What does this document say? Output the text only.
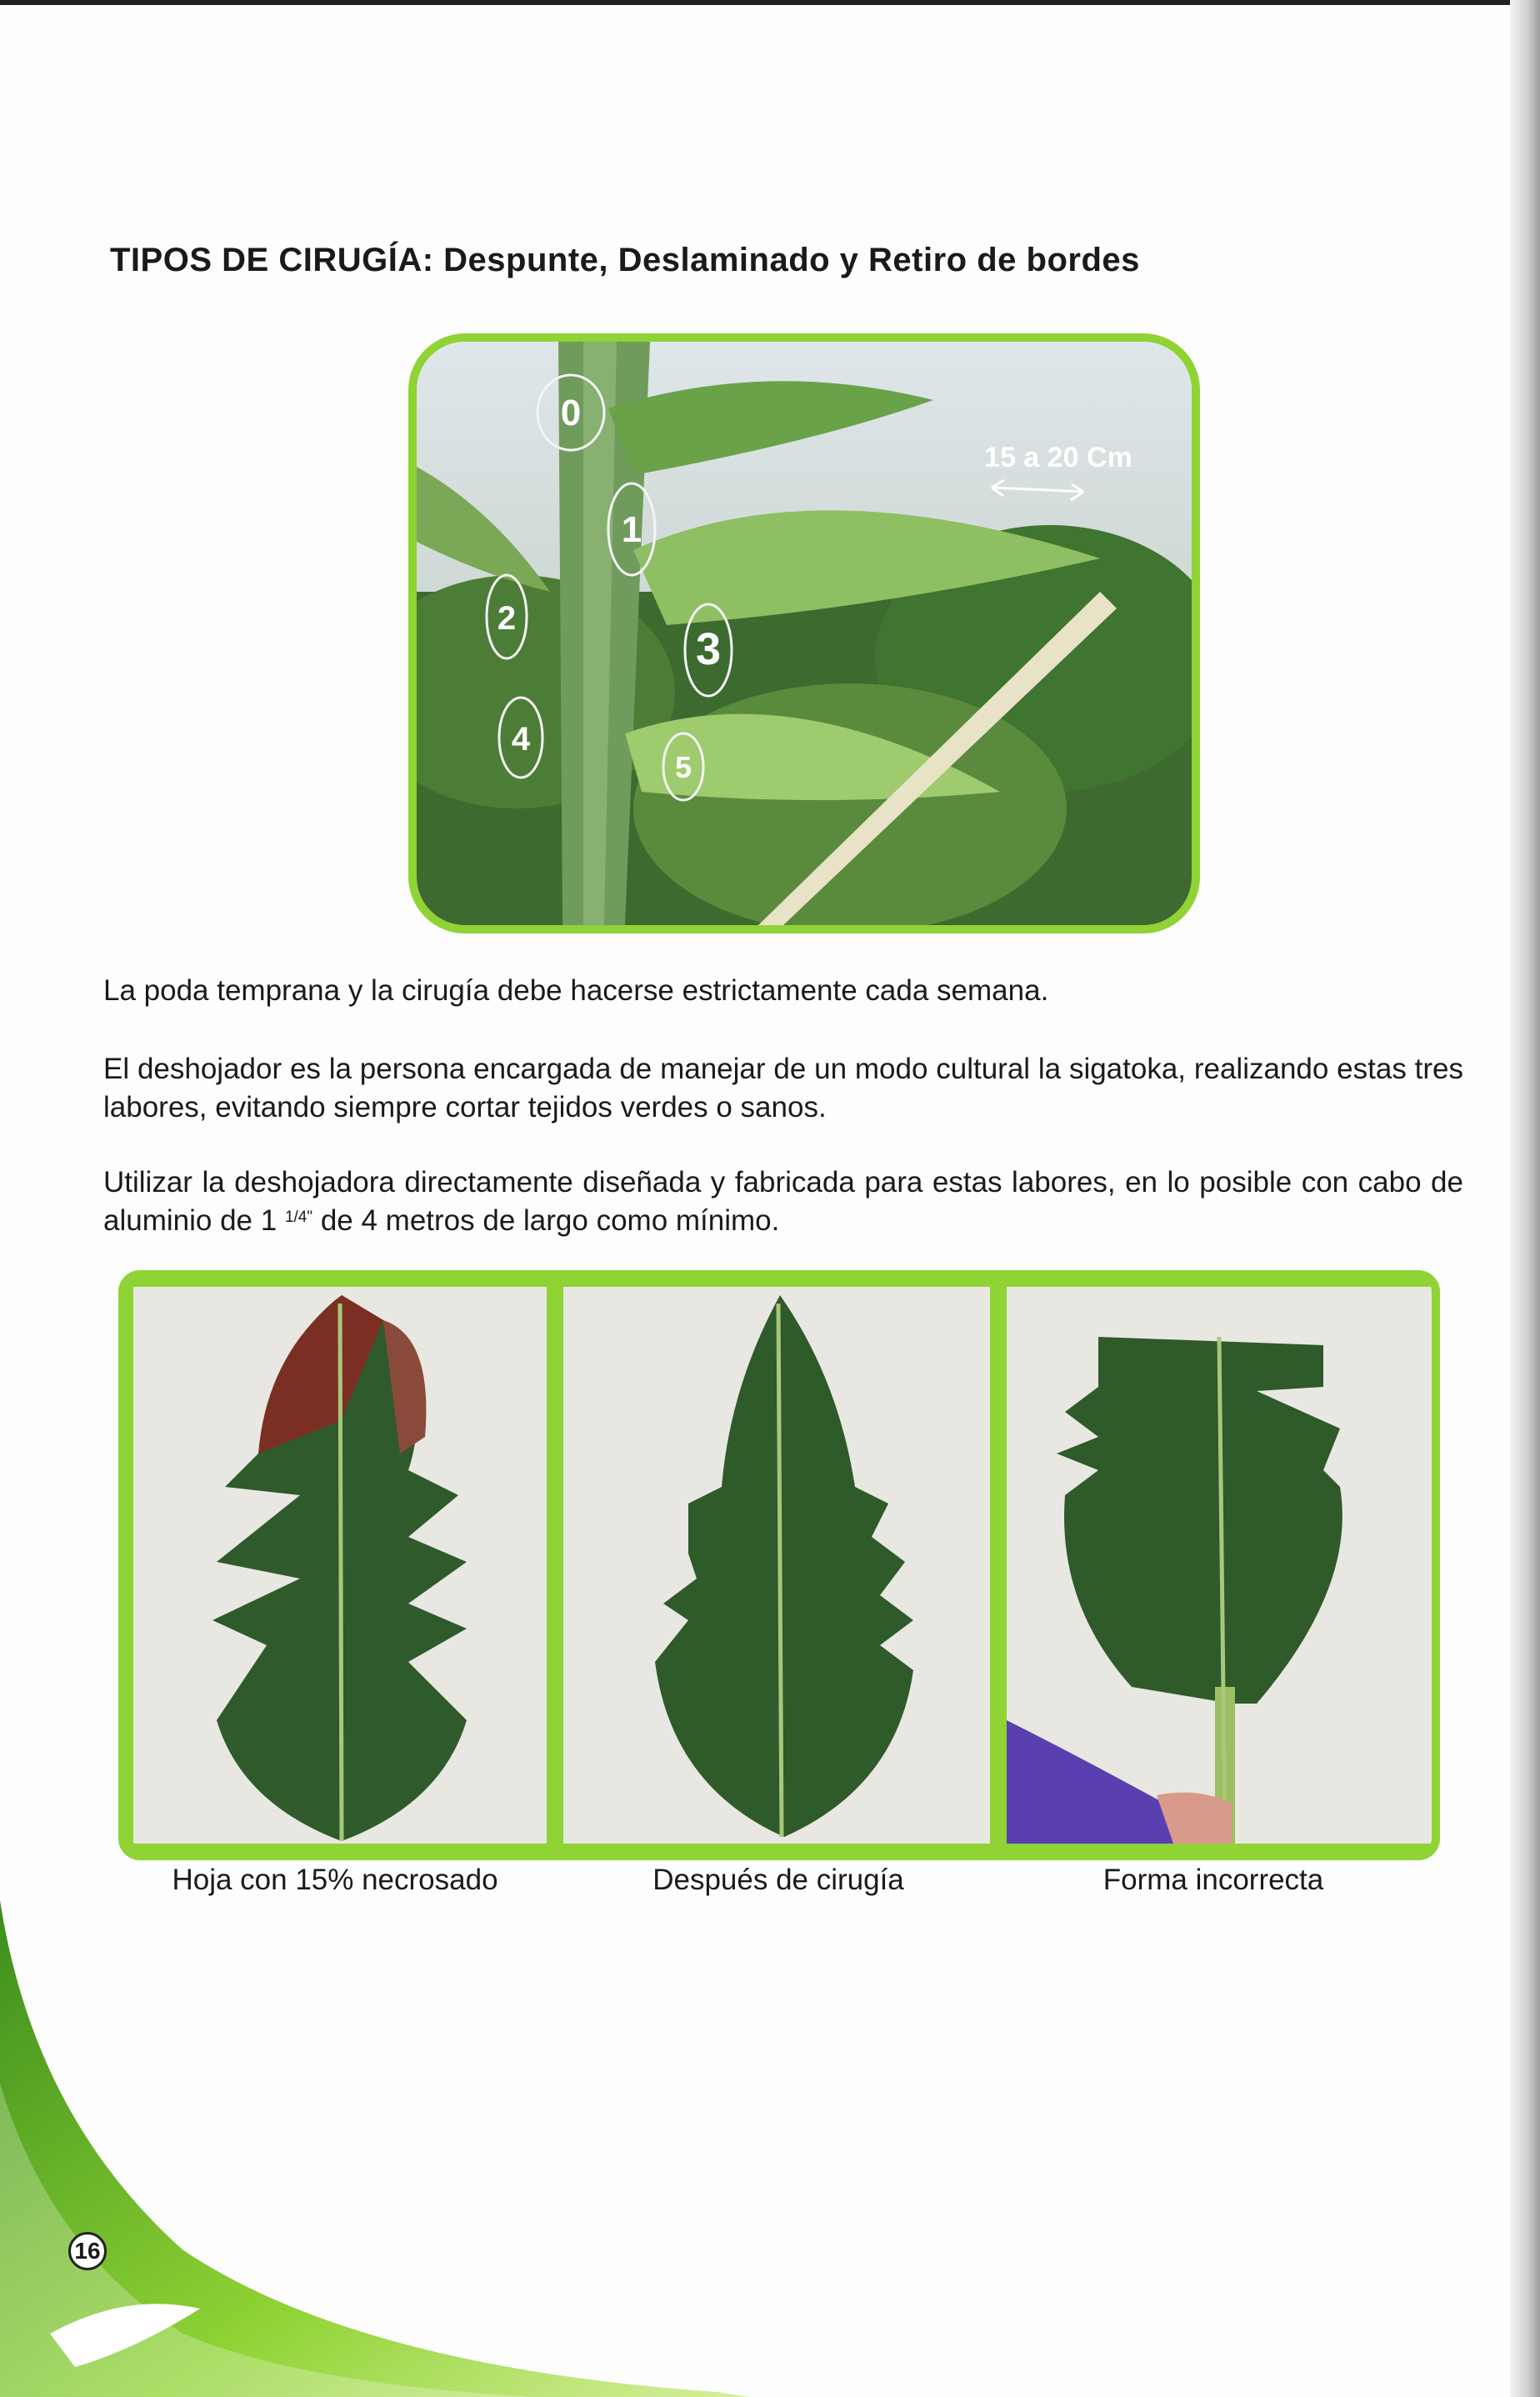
TIPOS DE CIRUGÍA: Despunte, Deslaminado y Retiro de bordes
0
1
2
3
4
5
15 a 20 Cm
La poda temprana y la cirugía debe hacerse estrictamente cada semana.
El deshojador es la persona encargada de manejar de un modo cultural la sigatoka, realizando estas tres labores, evitando siempre cortar tejidos verdes o sanos.
Utilizar la deshojadora directamente diseñada y fabricada para estas labores, en lo posible con cabo de aluminio de 1 $^{1/4"}$ de 4 metros de largo como mínimo.
Hoja con 15% necrosado	Después de cirugía	Forma incorrecta
16
